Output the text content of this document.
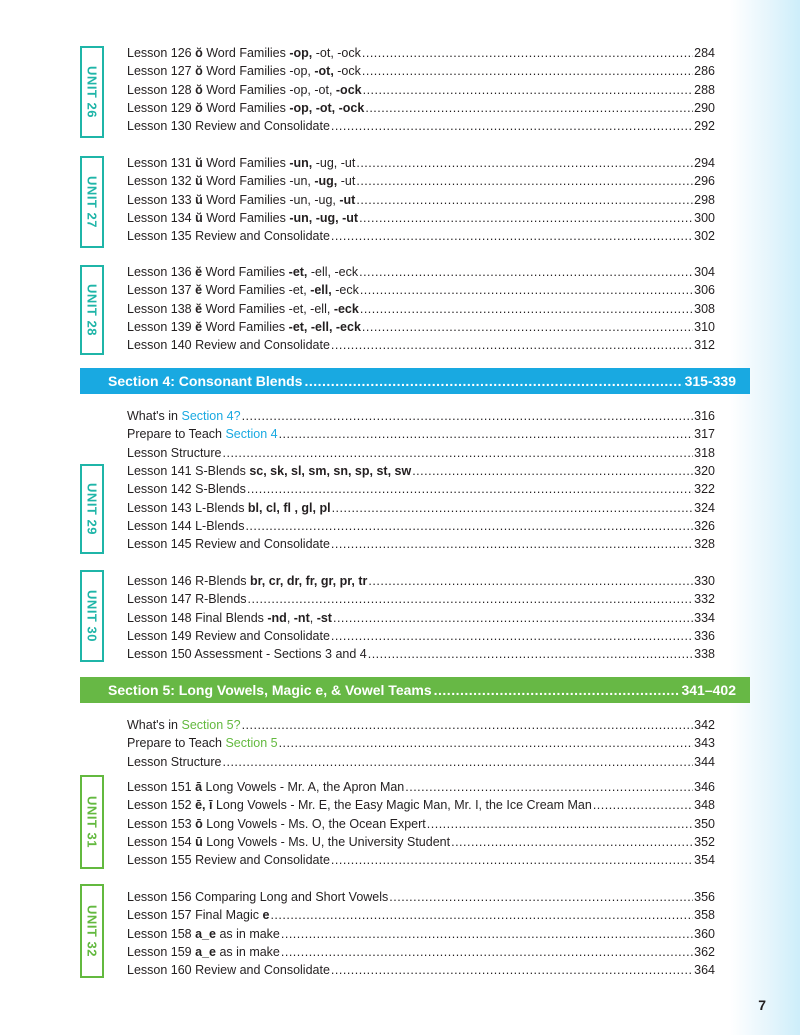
UNIT 26
Lesson 126 ŏ Word Families -op, -ot, -ock .....	284
Lesson 127 ŏ Word Families -op, -ot, -ock .....	286
Lesson 128 ŏ Word Families -op, -ot, -ock .....	288
Lesson 129 ŏ Word Families -op, -ot, -ock .....	290
Lesson 130 Review and Consolidate .....	292
UNIT 27
Lesson 131 ŭ Word Families -un, -ug, -ut .....	294
Lesson 132 ŭ Word Families -un, -ug, -ut .....	296
Lesson 133 ŭ Word Families -un, -ug, -ut .....	298
Lesson 134 ŭ Word Families -un, -ug, -ut .....	300
Lesson 135 Review and Consolidate .....	302
UNIT 28
Lesson 136 ĕ Word Families -et, -ell, -eck .....	304
Lesson 137 ĕ Word Families -et, -ell, -eck .....	306
Lesson 138 ĕ Word Families -et, -ell, -eck .....	308
Lesson 139 ĕ Word Families -et, -ell, -eck .....	310
Lesson 140 Review and Consolidate .....	312
Section 4: Consonant Blends .....	315-339
What's in Section 4? .....	316
Prepare to Teach Section 4 .....	317
Lesson Structure .....	318
UNIT 29
Lesson 141 S-Blends sc, sk, sl, sm, sn, sp, st, sw .....	320
Lesson 142 S-Blends .....	322
Lesson 143 L-Blends bl, cl, fl , gl, pl .....	324
Lesson 144 L-Blends .....	326
Lesson 145 Review and Consolidate .....	328
UNIT 30
Lesson 146 R-Blends br, cr, dr, fr, gr, pr, tr .....	330
Lesson 147 R-Blends .....	332
Lesson 148 Final Blends -nd, -nt, -st .....	334
Lesson 149 Review and Consolidate .....	336
Lesson 150 Assessment - Sections 3 and 4 .....	338
Section 5: Long Vowels, Magic e, & Vowel Teams .....	341–402
What's in Section 5? .....	342
Prepare to Teach Section 5 .....	343
Lesson Structure .....	344
UNIT 31
Lesson 151 ā Long Vowels - Mr. A, the Apron Man .....	346
Lesson 152 ē, ī Long Vowels - Mr. E, the Easy Magic Man, Mr. I, the Ice Cream Man .....	348
Lesson 153 ō Long Vowels - Ms. O, the Ocean Expert .....	350
Lesson 154 ū Long Vowels - Ms. U, the University Student .....	352
Lesson 155 Review and Consolidate .....	354
UNIT 32
Lesson 156 Comparing Long and Short Vowels .....	356
Lesson 157 Final Magic e .....	358
Lesson 158 a_e as in make .....	360
Lesson 159 a_e as in make .....	362
Lesson 160 Review and Consolidate .....	364
7
